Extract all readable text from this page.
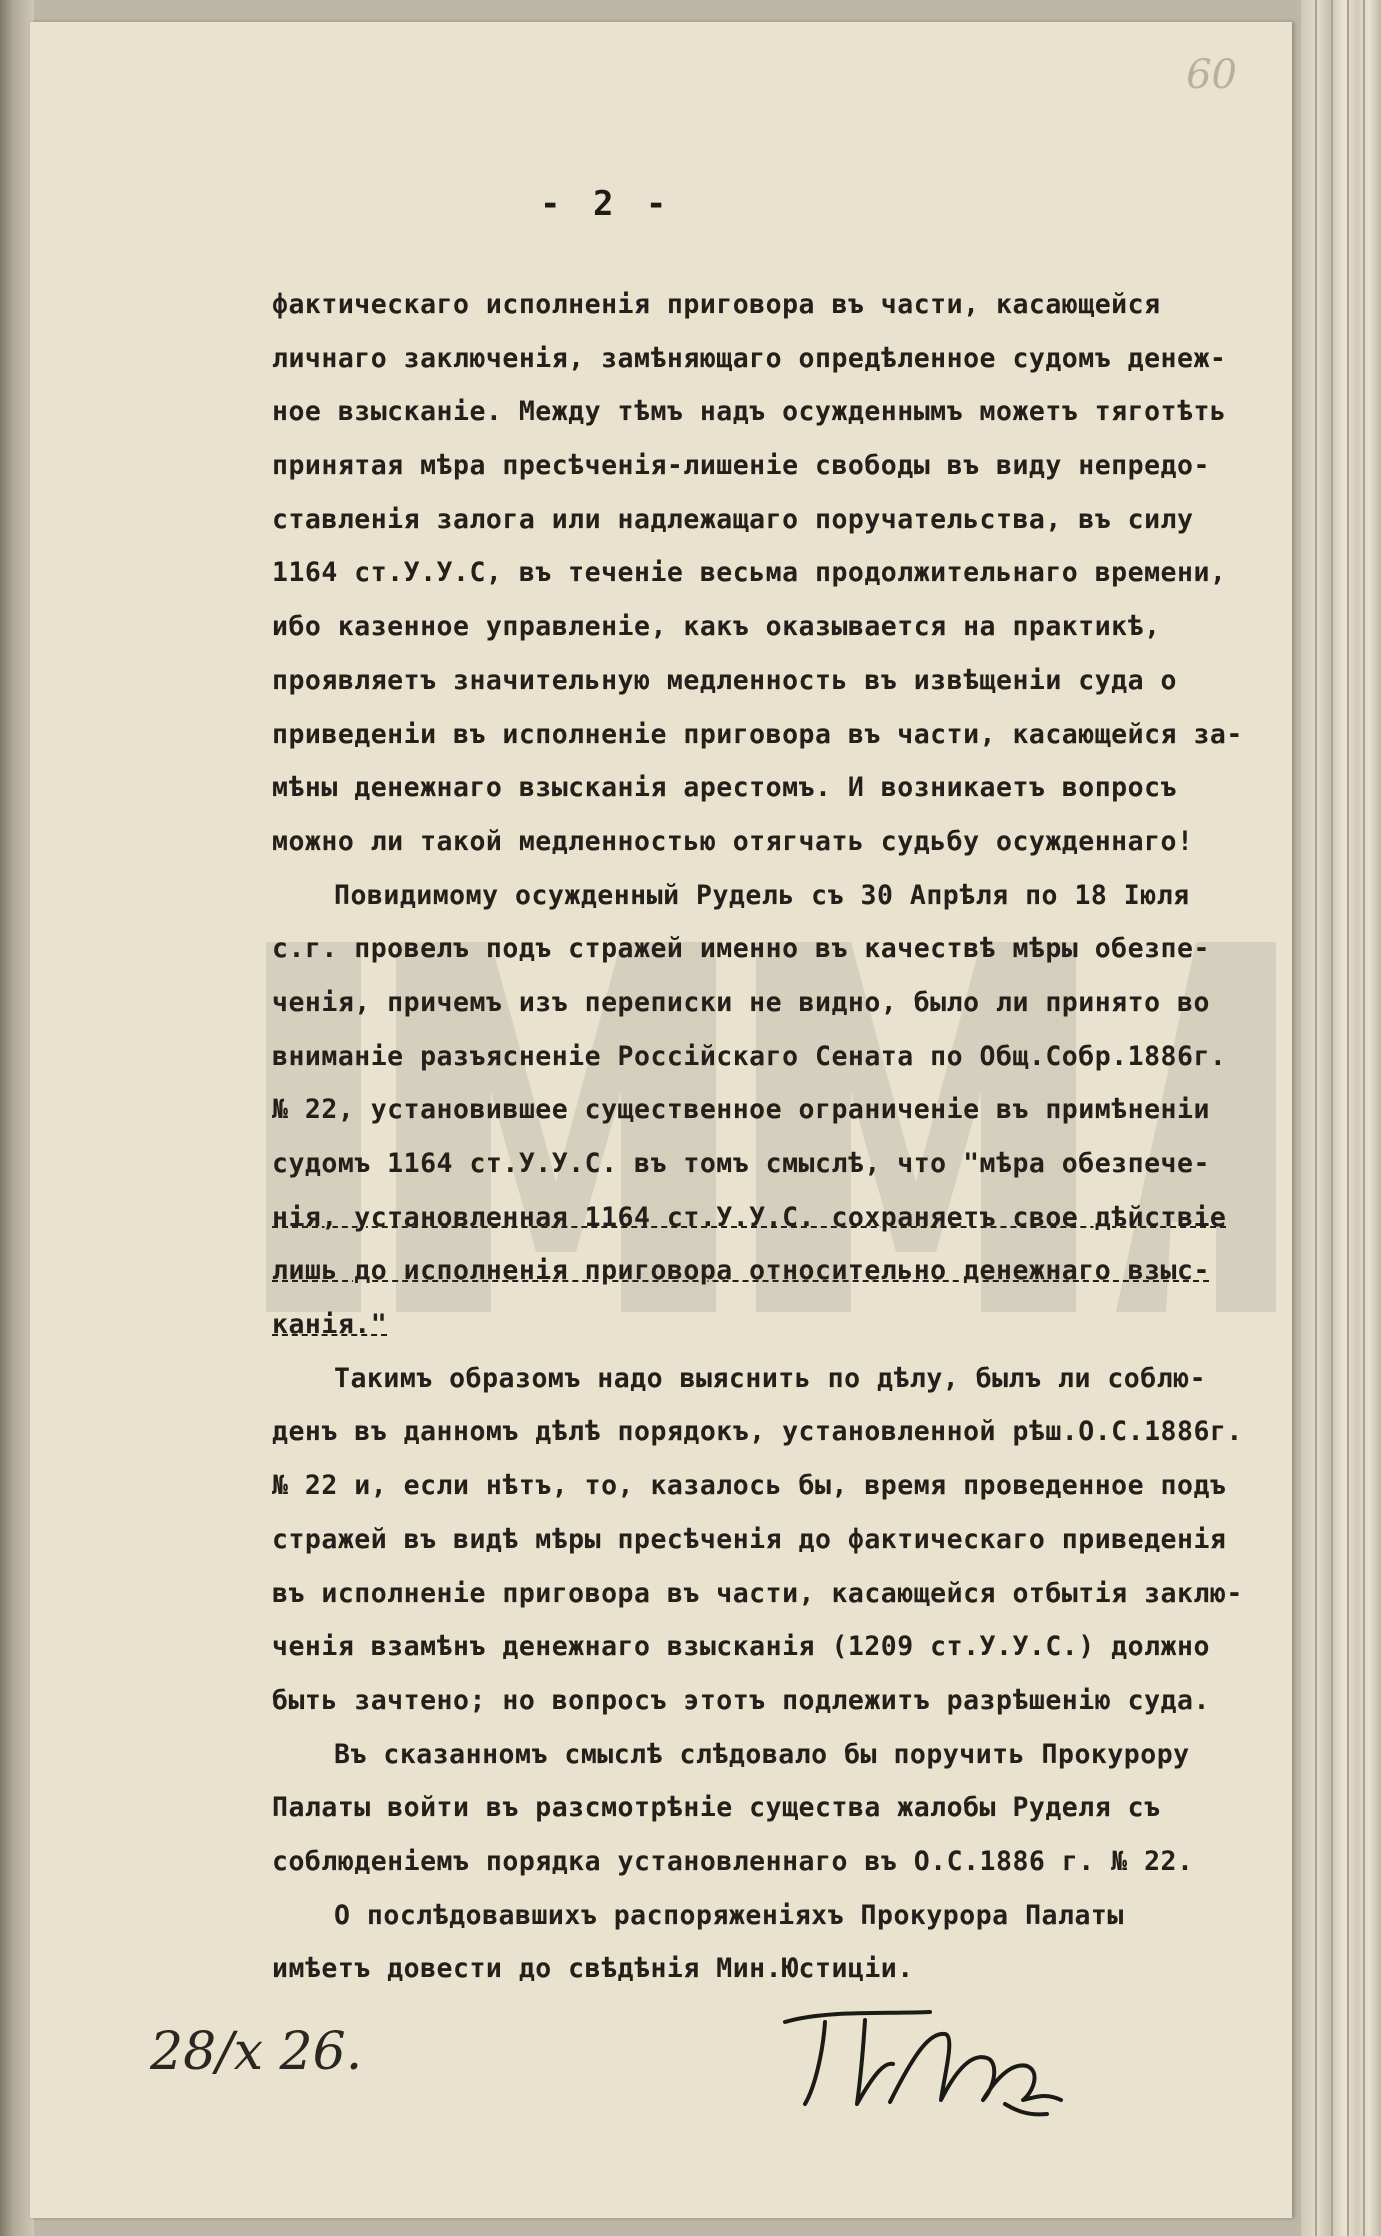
60
- 2 -
фактическаго исполненія приговора въ части, касающейся
личнаго заключенія, замѣняющаго опредѣленное судомъ денеж-
ное взысканіе. Между тѣмъ надъ осужденнымъ можетъ тяготѣть
принятая мѣра пресѣченія-лишеніе свободы въ виду непредо-
ставленія залога или надлежащаго поручательства, въ силу
1164 ст.У.У.С, въ теченіе весьма продолжительнаго времени,
ибо казенное управленіе, какъ оказывается на практикѣ,
проявляетъ значительную медленность въ извѣщеніи суда о
приведеніи въ исполненіе приговора въ части, касающейся за-
мѣны денежнаго взысканія арестомъ. И возникаетъ вопросъ
можно ли такой медленностью отягчать судьбу осужденнаго!
Повидимому осужденный Рудель съ 30 Апрѣля по 18 Іюля
с.г. провелъ подъ стражей именно въ качествѣ мѣры обезпе-
ченія, причемъ изъ переписки не видно, было ли принято во
вниманіе разъясненіе Россійскаго Сената по Общ.Собр.1886г.
№ 22, установившее существенное ограниченіе въ примѣненіи
судомъ 1164 ст.У.У.С. въ томъ смыслѣ, что "мѣра обезпече-
нія, установленная 1164 ст.У.У.С. сохраняетъ свое дѣйствіе
лишь до исполненія приговора относительно денежнаго взыс-
канія."
Такимъ образомъ надо выяснить по дѣлу, былъ ли соблю-
денъ въ данномъ дѣлѣ порядокъ, установленной рѣш.О.С.1886г.
№ 22 и, если нѣтъ, то, казалось бы, время проведенное подъ
стражей въ видѣ мѣры пресѣченія до фактическаго приведенія
въ исполненіе приговора въ части, касающейся отбытія заклю-
ченія взамѣнъ денежнаго взысканія (1209 ст.У.У.С.) должно
быть зачтено; но вопросъ этотъ подлежитъ разрѣшенію суда.
Въ сказанномъ смыслѣ слѣдовало бы поручить Прокурору
Палаты войти въ разсмотрѣніе существа жалобы Руделя съ
соблюденіемъ порядка установленнаго въ О.С.1886 г. № 22.
О послѣдовавшихъ распоряженіяхъ Прокурора Палаты
имѣетъ довести до свѣдѣнія Мин.Юстиціи.
28/x 26.
